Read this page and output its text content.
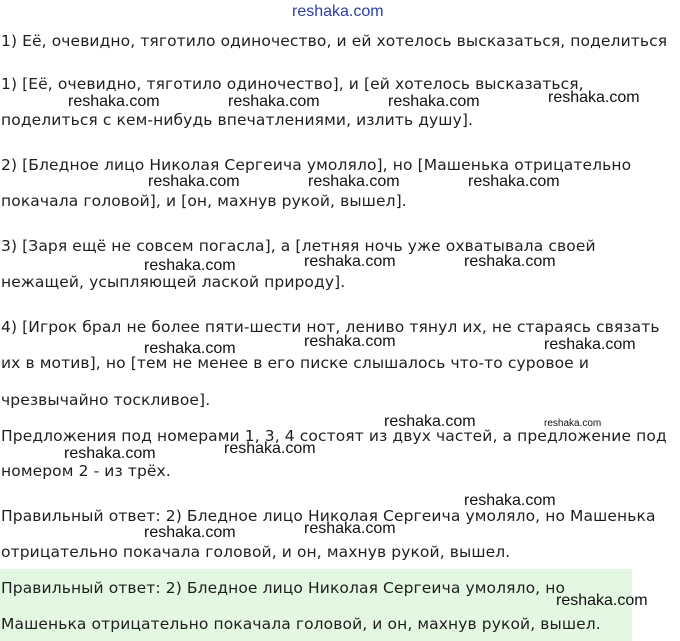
reshaka.com
reshaka.com	reshaka.com	reshaka.com	reshaka.com
reshaka.com	reshaka.com	reshaka.com
reshaka.com	reshaka.com	reshaka.com
reshaka.com	reshaka.com	reshaka.com
reshaka.com	reshaka.com
reshaka.com	reshaka.com
reshaka.com
reshaka.com	reshaka.com
reshaka.com
1) Её, очевидно, тяготило одиночество, и ей хотелось высказаться, поделиться
1) [Её, очевидно, тяготило одиночество], и [ей хотелось высказаться,
поделиться с кем-нибудь впечатлениями, излить душу].
2) [Бледное лицо Николая Сергеича умоляло], но [Машенька отрицательно
покачала головой], и [он, махнув рукой, вышел].
3) [Заря ещё не совсем погасла], а [летняя ночь уже охватывала своей
нежащей, усыпляющей лаской природу].
4) [Игрок брал не более пяти-шести нот, лениво тянул их, не стараясь связать
их в мотив], но [тем не менее в его писке слышалось что-то суровое и
чрезвычайно тоскливое].
Предложения под номерами 1, 3, 4 состоят из двух частей, а предложение под
номером 2 - из трёх.
Правильный ответ: 2) Бледное лицо Николая Сергеича умоляло, но Машенька
отрицательно покачала головой, и он, махнув рукой, вышел.
Правильный ответ: 2) Бледное лицо Николая Сергеича умоляло, но
Машенька отрицательно покачала головой, и он, махнув рукой, вышел.
